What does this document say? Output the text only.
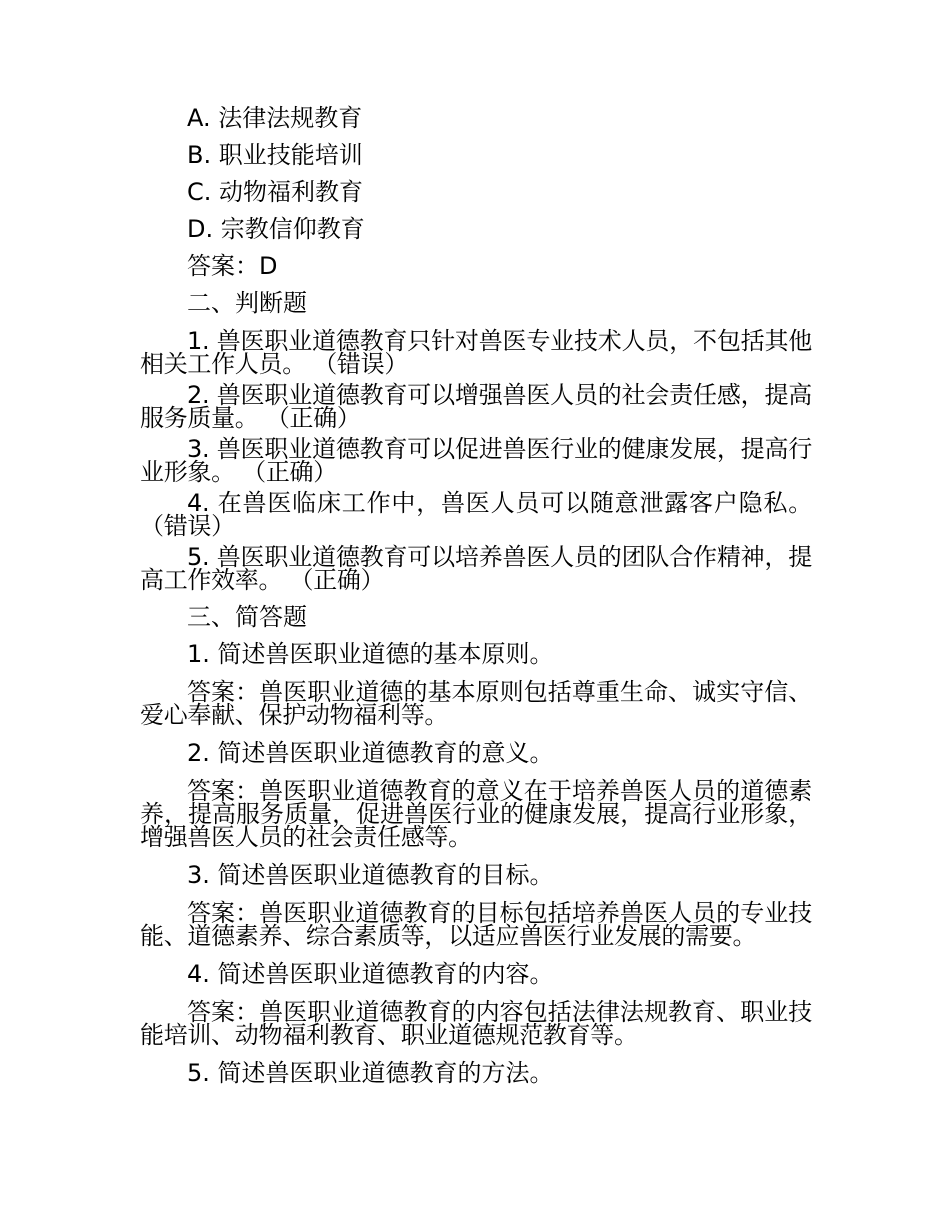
A. 法律法规教育
B. 职业技能培训
C. 动物福利教育
D. 宗教信仰教育
答案：D
二、判断题
1. 兽医职业道德教育只针对兽医专业技术人员，不包括其他相关工作人员。 （错误）
2. 兽医职业道德教育可以增强兽医人员的社会责任感，提高服务质量。 （正确）
3. 兽医职业道德教育可以促进兽医行业的健康发展，提高行业形象。 （正确）
4. 在兽医临床工作中，兽医人员可以随意泄露客户隐私。 （错误）
5. 兽医职业道德教育可以培养兽医人员的团队合作精神，提高工作效率。 （正确）
三、简答题
1. 简述兽医职业道德的基本原则。
答案：兽医职业道德的基本原则包括尊重生命、诚实守信、爱心奉献、保护动物福利等。
2. 简述兽医职业道德教育的意义。
答案：兽医职业道德教育的意义在于培养兽医人员的道德素养，提高服务质量，促进兽医行业的健康发展，提高行业形象，增强兽医人员的社会责任感等。
3. 简述兽医职业道德教育的目标。
答案：兽医职业道德教育的目标包括培养兽医人员的专业技能、道德素养、综合素质等，以适应兽医行业发展的需要。
4. 简述兽医职业道德教育的内容。
答案：兽医职业道德教育的内容包括法律法规教育、职业技能培训、动物福利教育、职业道德规范教育等。
5. 简述兽医职业道德教育的方法。
